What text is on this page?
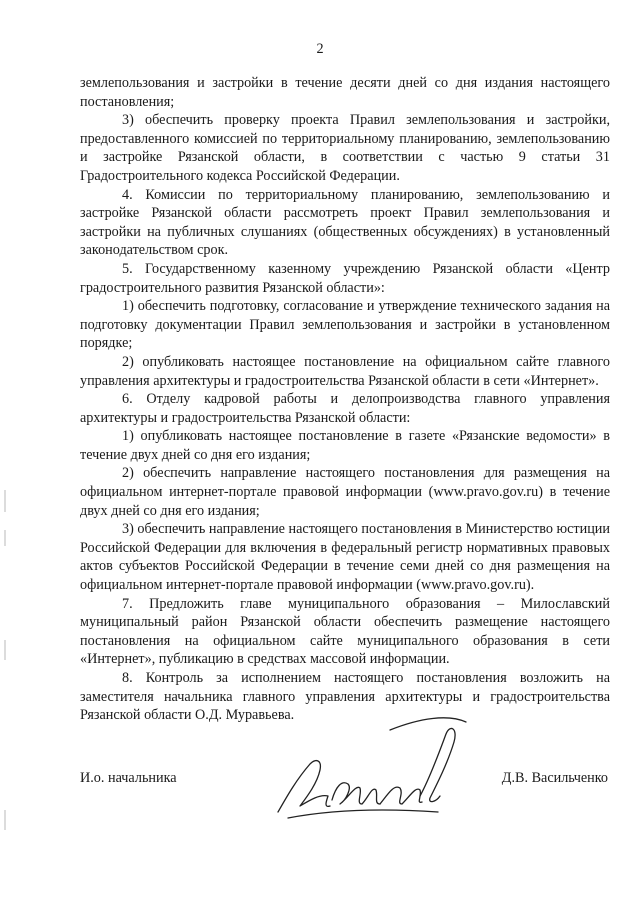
2

землепользования и застройки в течение десяти дней со дня издания настоящего постановления;

3) обеспечить проверку проекта Правил землепользования и застройки, предоставленного комиссией по территориальному планированию, землепользованию и застройке Рязанской области, в соответствии с частью 9 статьи 31 Градостроительного кодекса Российской Федерации.

4. Комиссии по территориальному планированию, землепользованию и застройке Рязанской области рассмотреть проект Правил землепользования и застройки на публичных слушаниях (общественных обсуждениях) в установленный законодательством срок.

5. Государственному казенному учреждению Рязанской области «Центр градостроительного развития Рязанской области»:

1) обеспечить подготовку, согласование и утверждение технического задания на подготовку документации Правил землепользования и застройки в установленном порядке;

2) опубликовать настоящее постановление на официальном сайте главного управления архитектуры и градостроительства Рязанской области в сети «Интернет».

6. Отделу кадровой работы и делопроизводства главного управления архитектуры и градостроительства Рязанской области:

1) опубликовать настоящее постановление в газете «Рязанские ведомости» в течение двух дней со дня его издания;

2) обеспечить направление настоящего постановления для размещения на официальном интернет-портале правовой информации (www.pravo.gov.ru) в течение двух дней со дня его издания;

3) обеспечить направление настоящего постановления в Министерство юстиции Российской Федерации для включения в федеральный регистр нормативных правовых актов субъектов Российской Федерации в течение семи дней со дня размещения на официальном интернет-портале правовой информации (www.pravo.gov.ru).

7. Предложить главе муниципального образования – Милославский муниципальный район Рязанской области обеспечить размещение настоящего постановления на официальном сайте муниципального образования в сети «Интернет», публикацию в средствах массовой информации.

8. Контроль за исполнением настоящего постановления возложить на заместителя начальника главного управления архитектуры и градостроительства Рязанской области О.Д. Муравьева.

И.о. начальника	Д.В. Васильченко
